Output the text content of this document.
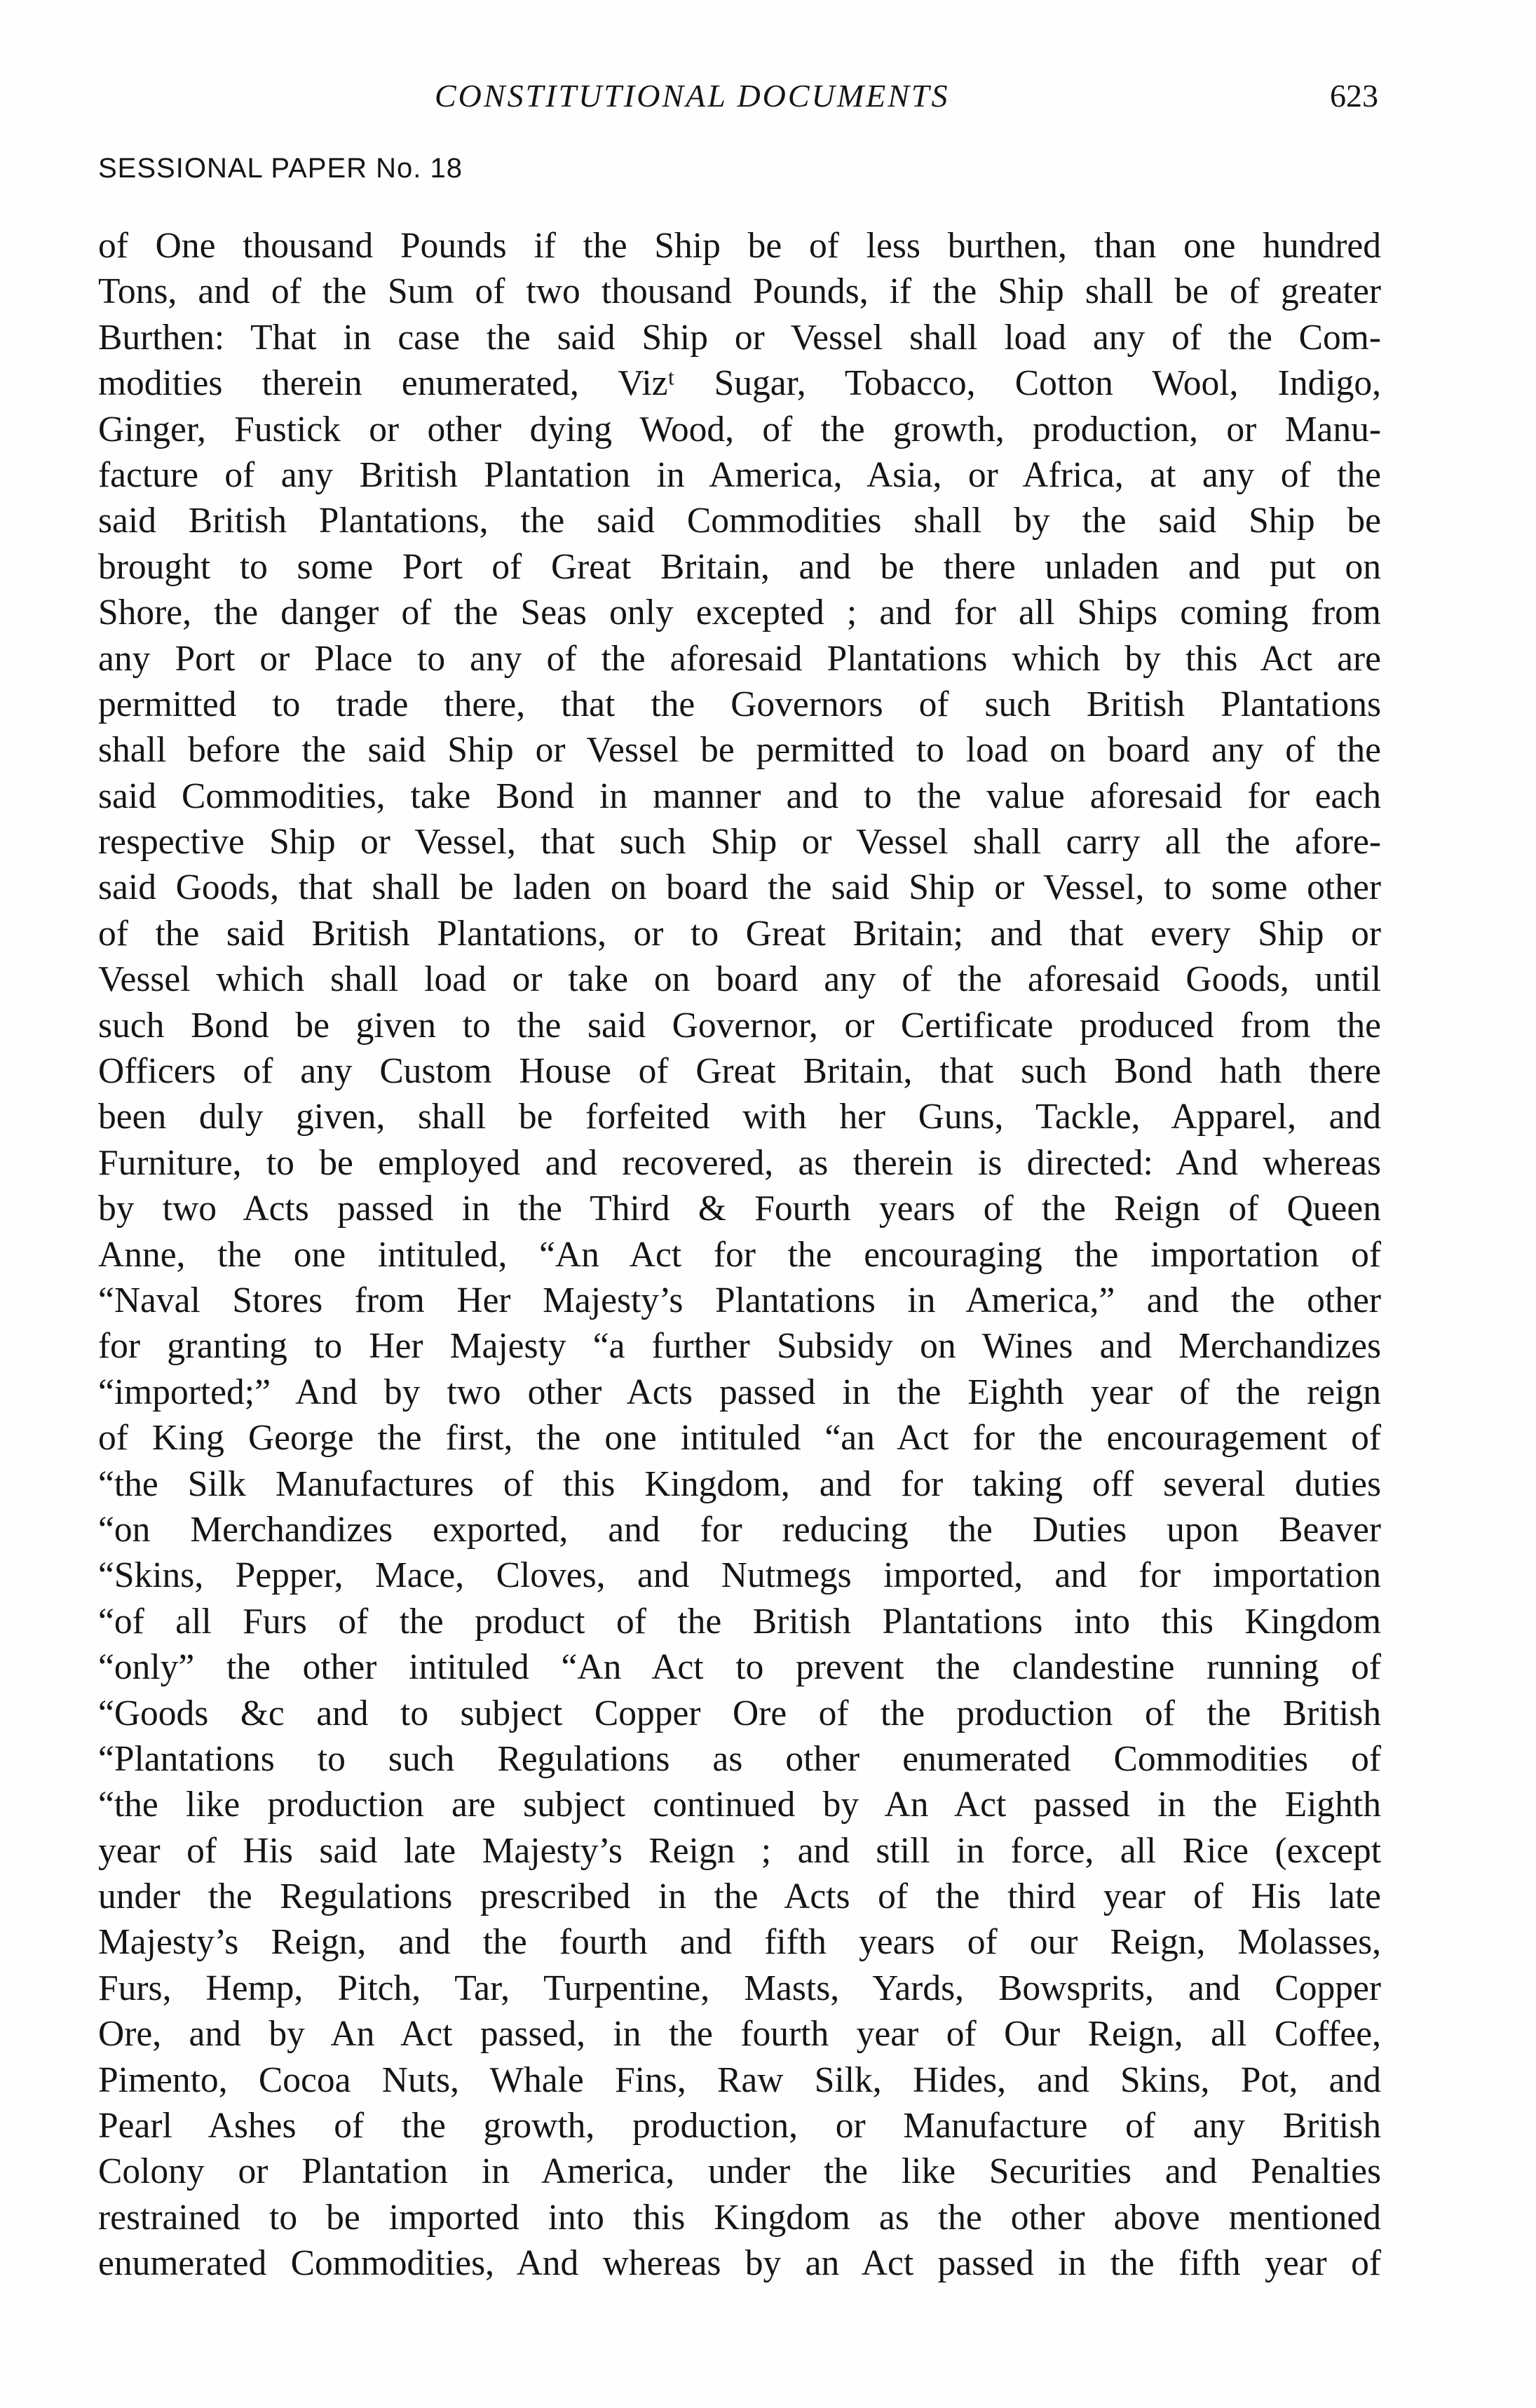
CONSTITUTIONAL DOCUMENTS	623
SESSIONAL PAPER No. 18
of One thousand Pounds if the Ship be of less burthen, than one hundred
Tons, and of the Sum of two thousand Pounds, if the Ship shall be of greater
Burthen: That in case the said Ship or Vessel shall load any of the Com-
modities therein enumerated, Vizᵗ Sugar, Tobacco, Cotton Wool, Indigo,
Ginger, Fustick or other dying Wood, of the growth, production, or Manu-
facture of any British Plantation in America, Asia, or Africa, at any of the
said British Plantations, the said Commodities shall by the said Ship be
brought to some Port of Great Britain, and be there unladen and put on
Shore, the danger of the Seas only excepted ; and for all Ships coming from
any Port or Place to any of the aforesaid Plantations which by this Act are
permitted to trade there, that the Governors of such British Plantations
shall before the said Ship or Vessel be permitted to load on board any of the
said Commodities, take Bond in manner and to the value aforesaid for each
respective Ship or Vessel, that such Ship or Vessel shall carry all the afore-
said Goods, that shall be laden on board the said Ship or Vessel, to some other
of the said British Plantations, or to Great Britain; and that every Ship or
Vessel which shall load or take on board any of the aforesaid Goods, until
such Bond be given to the said Governor, or Certificate produced from the
Officers of any Custom House of Great Britain, that such Bond hath there
been duly given, shall be forfeited with her Guns, Tackle, Apparel, and
Furniture, to be employed and recovered, as therein is directed: And whereas
by two Acts passed in the Third & Fourth years of the Reign of Queen
Anne, the one intituled, “An Act for the encouraging the importation of
“Naval Stores from Her Majesty’s Plantations in America,” and the other
for granting to Her Majesty “a further Subsidy on Wines and Merchandizes
“imported;” And by two other Acts passed in the Eighth year of the reign
of King George the first, the one intituled “an Act for the encouragement of
“the Silk Manufactures of this Kingdom, and for taking off several duties
“on Merchandizes exported, and for reducing the Duties upon Beaver
“Skins, Pepper, Mace, Cloves, and Nutmegs imported, and for importation
“of all Furs of the product of the British Plantations into this Kingdom
“only” the other intituled “An Act to prevent the clandestine running of
“Goods &c and to subject Copper Ore of the production of the British
“Plantations to such Regulations as other enumerated Commodities of
“the like production are subject continued by An Act passed in the Eighth
year of His said late Majesty’s Reign ; and still in force, all Rice (except
under the Regulations prescribed in the Acts of the third year of His late
Majesty’s Reign, and the fourth and fifth years of our Reign, Molasses,
Furs, Hemp, Pitch, Tar, Turpentine, Masts, Yards, Bowsprits, and Copper
Ore, and by An Act passed, in the fourth year of Our Reign, all Coffee,
Pimento, Cocoa Nuts, Whale Fins, Raw Silk, Hides, and Skins, Pot, and
Pearl Ashes of the growth, production, or Manufacture of any British
Colony or Plantation in America, under the like Securities and Penalties
restrained to be imported into this Kingdom as the other above mentioned
enumerated Commodities, And whereas by an Act passed in the fifth year of
